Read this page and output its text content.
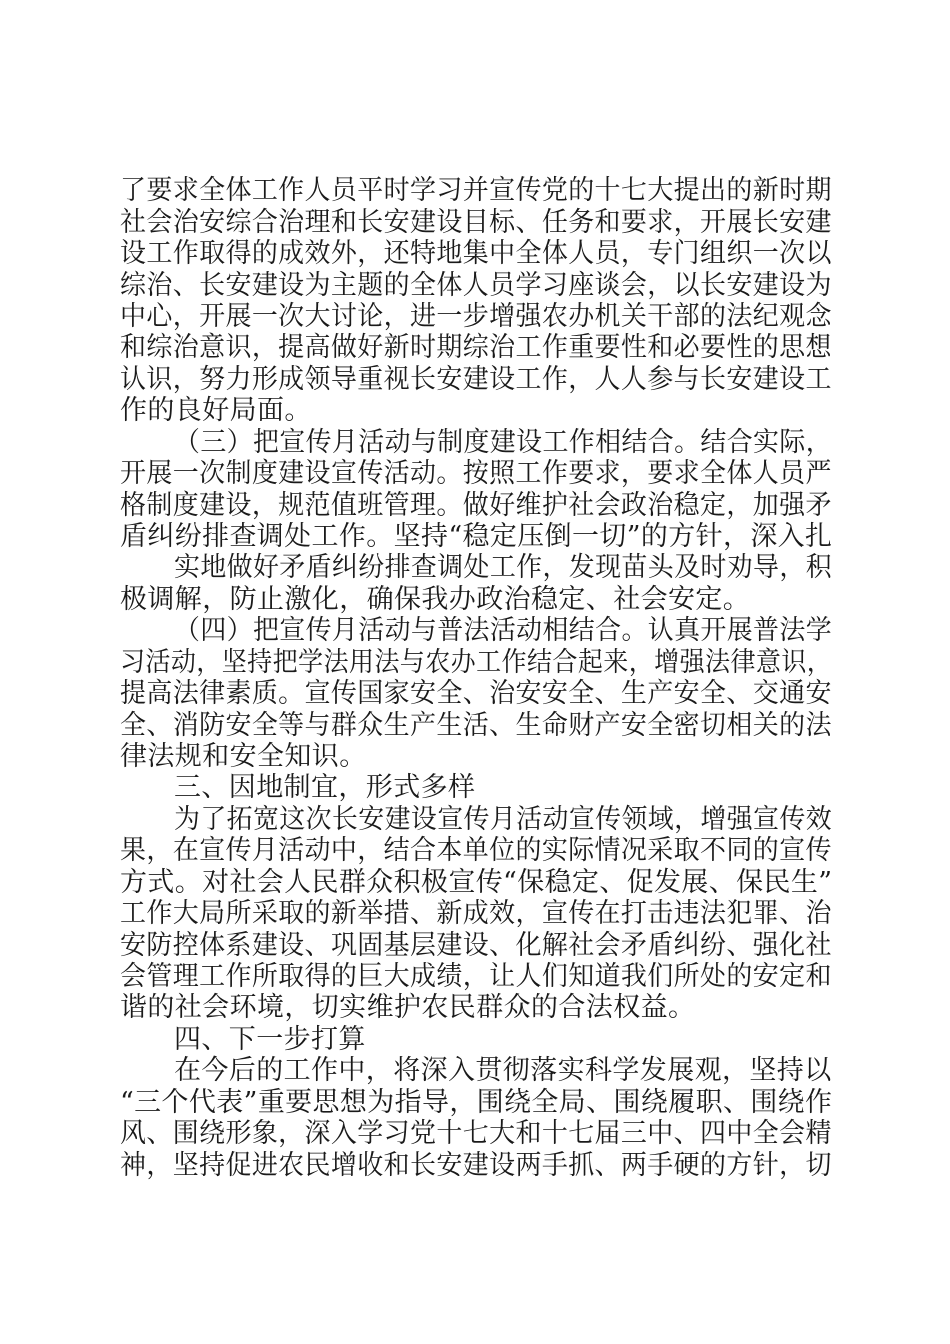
了要求全体工作人员平时学习并宣传党的十七大提出的新时期
社会治安综合治理和长安建设目标、任务和要求，开展长安建
设工作取得的成效外，还特地集中全体人员，专门组织一次以
综治、长安建设为主题的全体人员学习座谈会，以长安建设为
中心，开展一次大讨论，进一步增强农办机关干部的法纪观念
和综治意识，提高做好新时期综治工作重要性和必要性的思想
认识，努力形成领导重视长安建设工作，人人参与长安建设工
作的良好局面。
（三）把宣传月活动与制度建设工作相结合。结合实际，
开展一次制度建设宣传活动。按照工作要求，要求全体人员严
格制度建设，规范值班管理。做好维护社会政治稳定，加强矛
盾纠纷排查调处工作。坚持“稳定压倒一切”的方针，深入扎
实地做好矛盾纠纷排查调处工作，发现苗头及时劝导，积
极调解，防止激化，确保我办政治稳定、社会安定。
（四）把宣传月活动与普法活动相结合。认真开展普法学
习活动，坚持把学法用法与农办工作结合起来，增强法律意识，
提高法律素质。宣传国家安全、治安安全、生产安全、交通安
全、消防安全等与群众生产生活、生命财产安全密切相关的法
律法规和安全知识。
三、因地制宜，形式多样
为了拓宽这次长安建设宣传月活动宣传领域，增强宣传效
果，在宣传月活动中，结合本单位的实际情况采取不同的宣传
方式。对社会人民群众积极宣传“保稳定、促发展、保民生”
工作大局所采取的新举措、新成效，宣传在打击违法犯罪、治
安防控体系建设、巩固基层建设、化解社会矛盾纠纷、强化社
会管理工作所取得的巨大成绩，让人们知道我们所处的安定和
谐的社会环境，切实维护农民群众的合法权益。
四、下一步打算
在今后的工作中，将深入贯彻落实科学发展观，坚持以
“三个代表”重要思想为指导，围绕全局、围绕履职、围绕作
风、围绕形象，深入学习党十七大和十七届三中、四中全会精
神，坚持促进农民增收和长安建设两手抓、两手硬的方针，切
